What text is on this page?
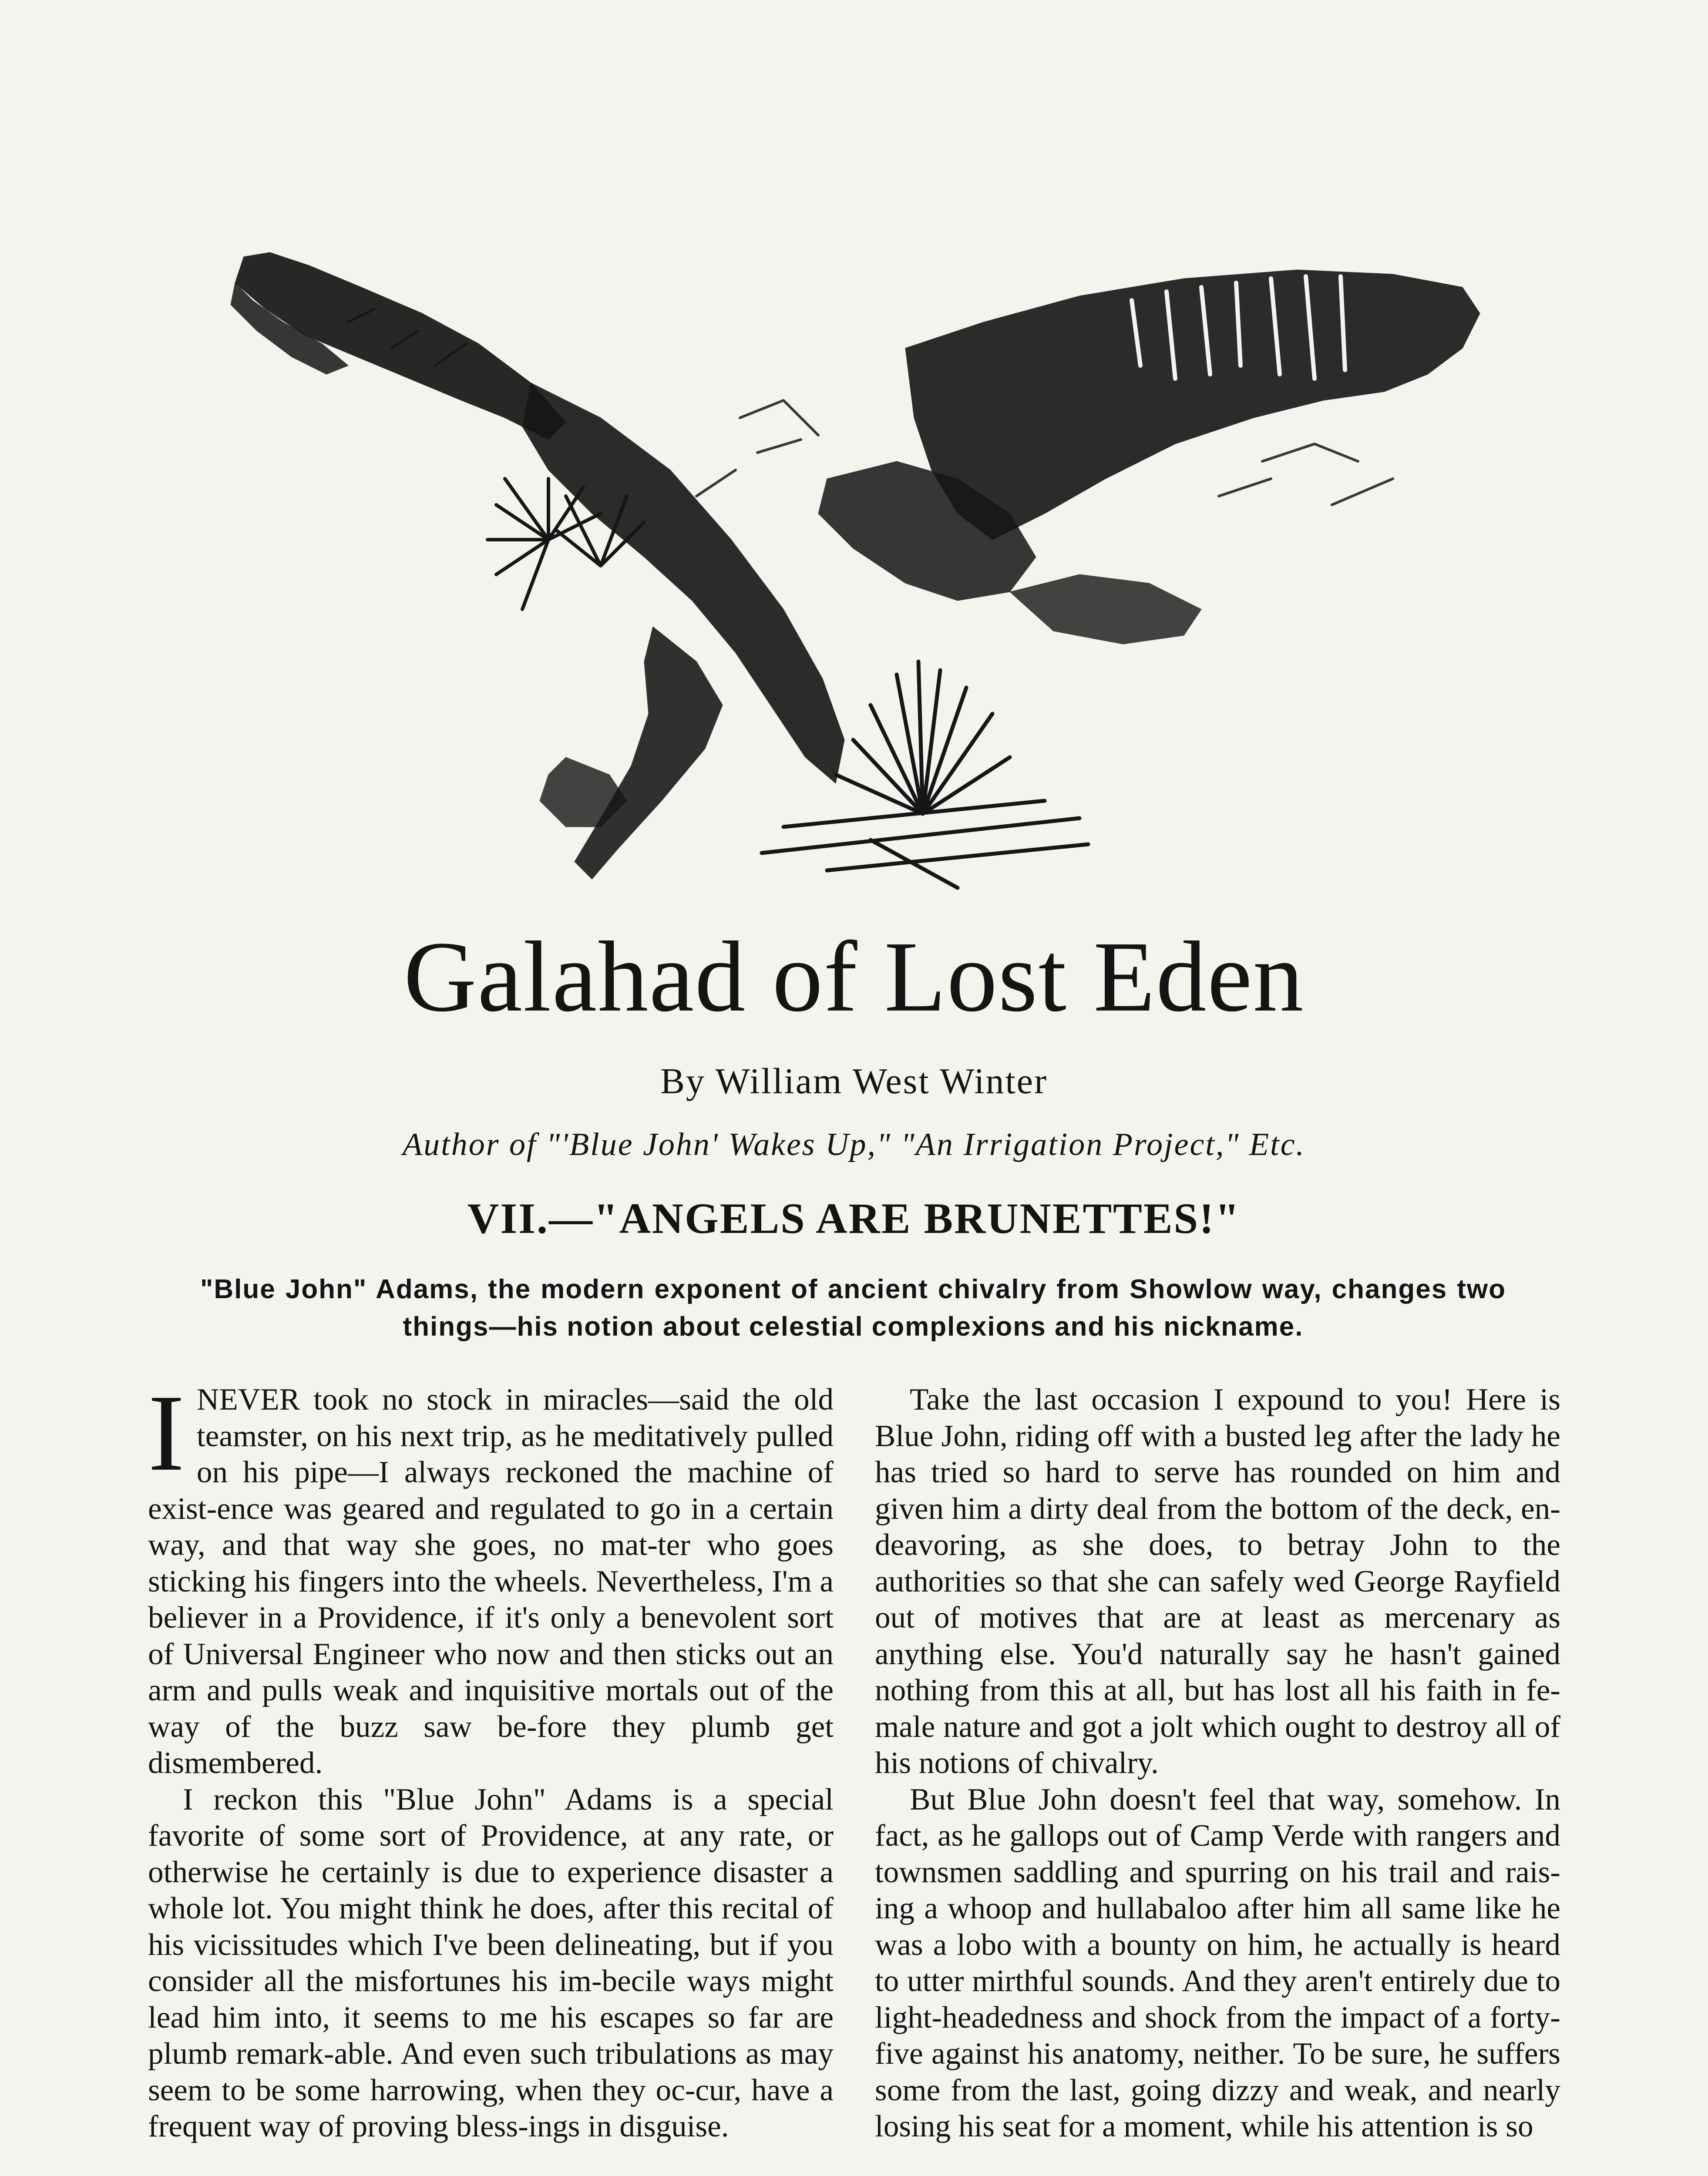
Galahad of Lost Eden
By William West Winter
Author of "'Blue John' Wakes Up," "An Irrigation Project," Etc.
VII.—"ANGELS ARE BRUNETTES!"
"Blue John" Adams, the modern exponent of ancient chivalry from Showlow way, changes two things—his notion about celestial complexions and his nickname.

INEVER took no stock in miracles—said the old teamster, on his next trip, as he meditatively pulled on his pipe—I always reckoned the machine of exist-ence was geared and regulated to go in a certain way, and that way she goes, no mat-ter who goes sticking his fingers into the wheels. Nevertheless, I'm a believer in a Providence, if it's only a benevolent sort of Universal Engineer who now and then sticks out an arm and pulls weak and inquisitive mortals out of the way of the buzz saw be-fore they plumb get dismembered.

I reckon this "Blue John" Adams is a special favorite of some sort of Providence, at any rate, or otherwise he certainly is due to experience disaster a whole lot. You might think he does, after this recital of his vicissitudes which I've been delineating, but if you consider all the misfortunes his im-becile ways might lead him into, it seems to me his escapes so far are plumb remark-able. And even such tribulations as may seem to be some harrowing, when they oc-cur, have a frequent way of proving bless-ings in disguise.

Take the last occasion I expound to you! Here is Blue John, riding off with a busted leg after the lady he has tried so hard to serve has rounded on him and given him a dirty deal from the bottom of the deck, en-deavoring, as she does, to betray John to the authorities so that she can safely wed George Rayfield out of motives that are at least as mercenary as anything else. You'd naturally say he hasn't gained nothing from this at all, but has lost all his faith in fe-male nature and got a jolt which ought to destroy all of his notions of chivalry.

But Blue John doesn't feel that way, somehow. In fact, as he gallops out of Camp Verde with rangers and townsmen saddling and spurring on his trail and rais-ing a whoop and hullabaloo after him all same like he was a lobo with a bounty on him, he actually is heard to utter mirthful sounds. And they aren't entirely due to light-headedness and shock from the impact of a forty-five against his anatomy, neither. To be sure, he suffers some from the last, going dizzy and weak, and nearly losing his seat for a moment, while his attention is so
